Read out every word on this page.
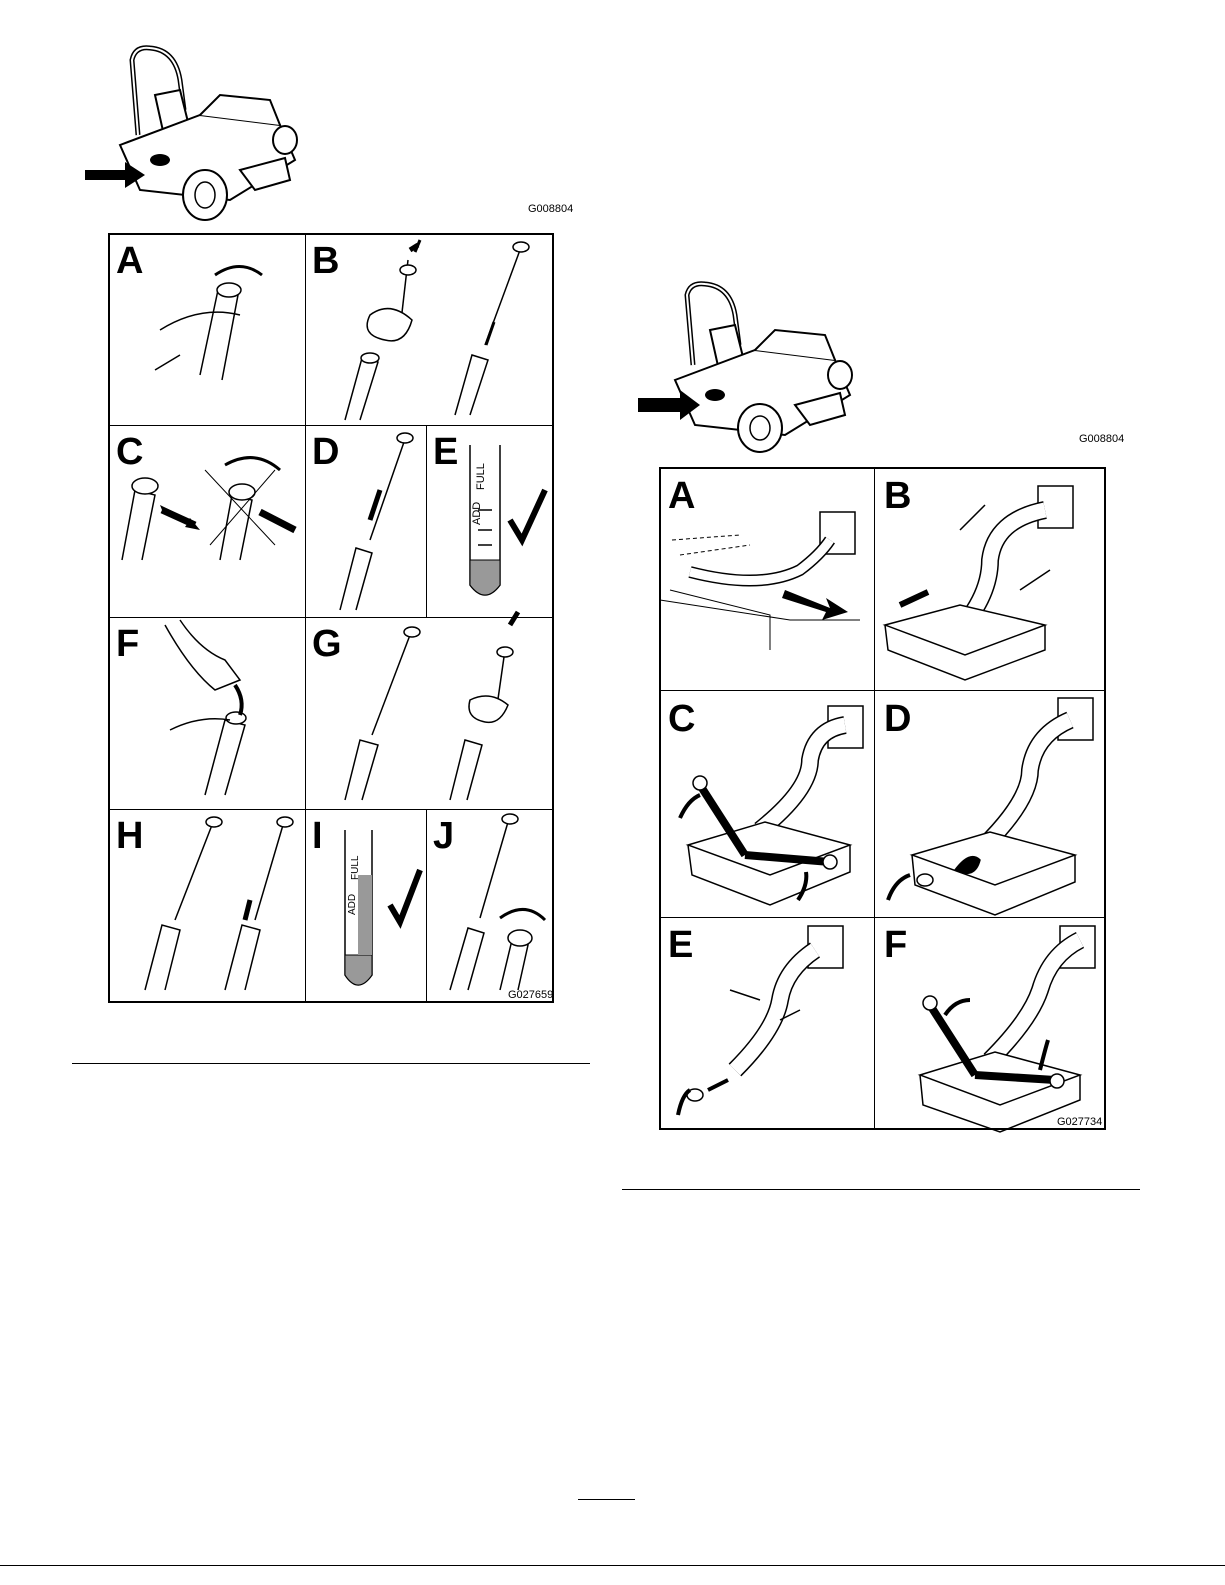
G008804
A	B
C	D E
F	G
H	I	J
ADD
FULL
ADD
FULL
G027659
G008804
A	B
C	D
E	F
G027734
